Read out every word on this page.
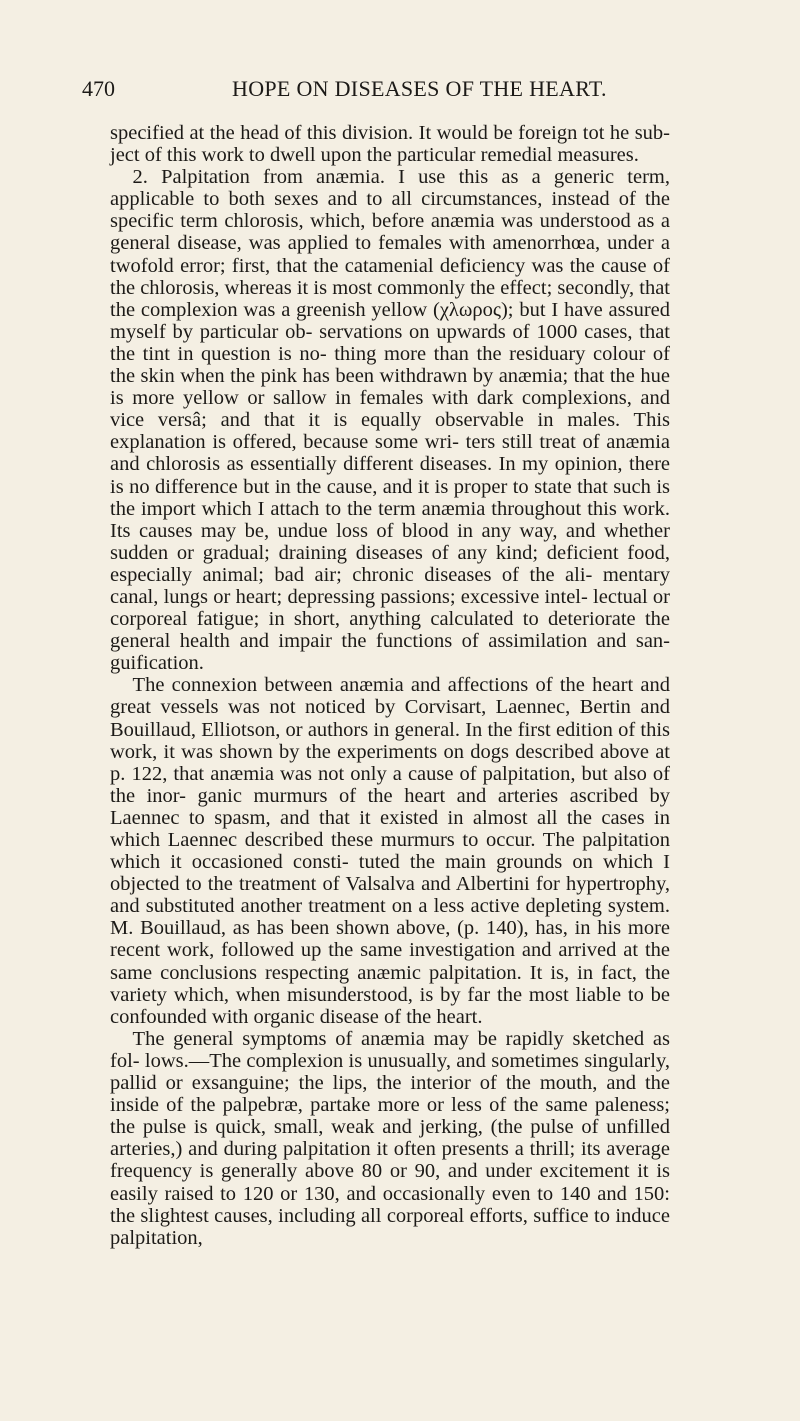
470	HOPE ON DISEASES OF THE HEART.

specified at the head of this division. It would be foreign tot he sub- ject of this work to dwell upon the particular remedial measures.

2. Palpitation from anæmia. I use this as a generic term, applicable to both sexes and to all circumstances, instead of the specific term chlorosis, which, before anæmia was understood as a general disease, was applied to females with amenorrhœa, under a twofold error; first, that the catamenial deficiency was the cause of the chlorosis, whereas it is most commonly the effect; secondly, that the complexion was a greenish yellow (χλωρος); but I have assured myself by particular ob- servations on upwards of 1000 cases, that the tint in question is no- thing more than the residuary colour of the skin when the pink has been withdrawn by anæmia; that the hue is more yellow or sallow in females with dark complexions, and vice versâ; and that it is equally observable in males. This explanation is offered, because some wri- ters still treat of anæmia and chlorosis as essentially different diseases. In my opinion, there is no difference but in the cause, and it is proper to state that such is the import which I attach to the term anæmia throughout this work. Its causes may be, undue loss of blood in any way, and whether sudden or gradual; draining diseases of any kind; deficient food, especially animal; bad air; chronic diseases of the ali- mentary canal, lungs or heart; depressing passions; excessive intel- lectual or corporeal fatigue; in short, anything calculated to deteriorate the general health and impair the functions of assimilation and san- guification.

The connexion between anæmia and affections of the heart and great vessels was not noticed by Corvisart, Laennec, Bertin and Bouillaud, Elliotson, or authors in general. In the first edition of this work, it was shown by the experiments on dogs described above at p. 122, that anæmia was not only a cause of palpitation, but also of the inor- ganic murmurs of the heart and arteries ascribed by Laennec to spasm, and that it existed in almost all the cases in which Laennec described these murmurs to occur. The palpitation which it occasioned consti- tuted the main grounds on which I objected to the treatment of Valsalva and Albertini for hypertrophy, and substituted another treatment on a less active depleting system. M. Bouillaud, as has been shown above, (p. 140), has, in his more recent work, followed up the same investigation and arrived at the same conclusions respecting anæmic palpitation. It is, in fact, the variety which, when misunderstood, is by far the most liable to be confounded with organic disease of the heart.

The general symptoms of anæmia may be rapidly sketched as fol- lows.—The complexion is unusually, and sometimes singularly, pallid or exsanguine; the lips, the interior of the mouth, and the inside of the palpebræ, partake more or less of the same paleness; the pulse is quick, small, weak and jerking, (the pulse of unfilled arteries,) and during palpitation it often presents a thrill; its average frequency is generally above 80 or 90, and under excitement it is easily raised to 120 or 130, and occasionally even to 140 and 150: the slightest causes, including all corporeal efforts, suffice to induce palpitation,
